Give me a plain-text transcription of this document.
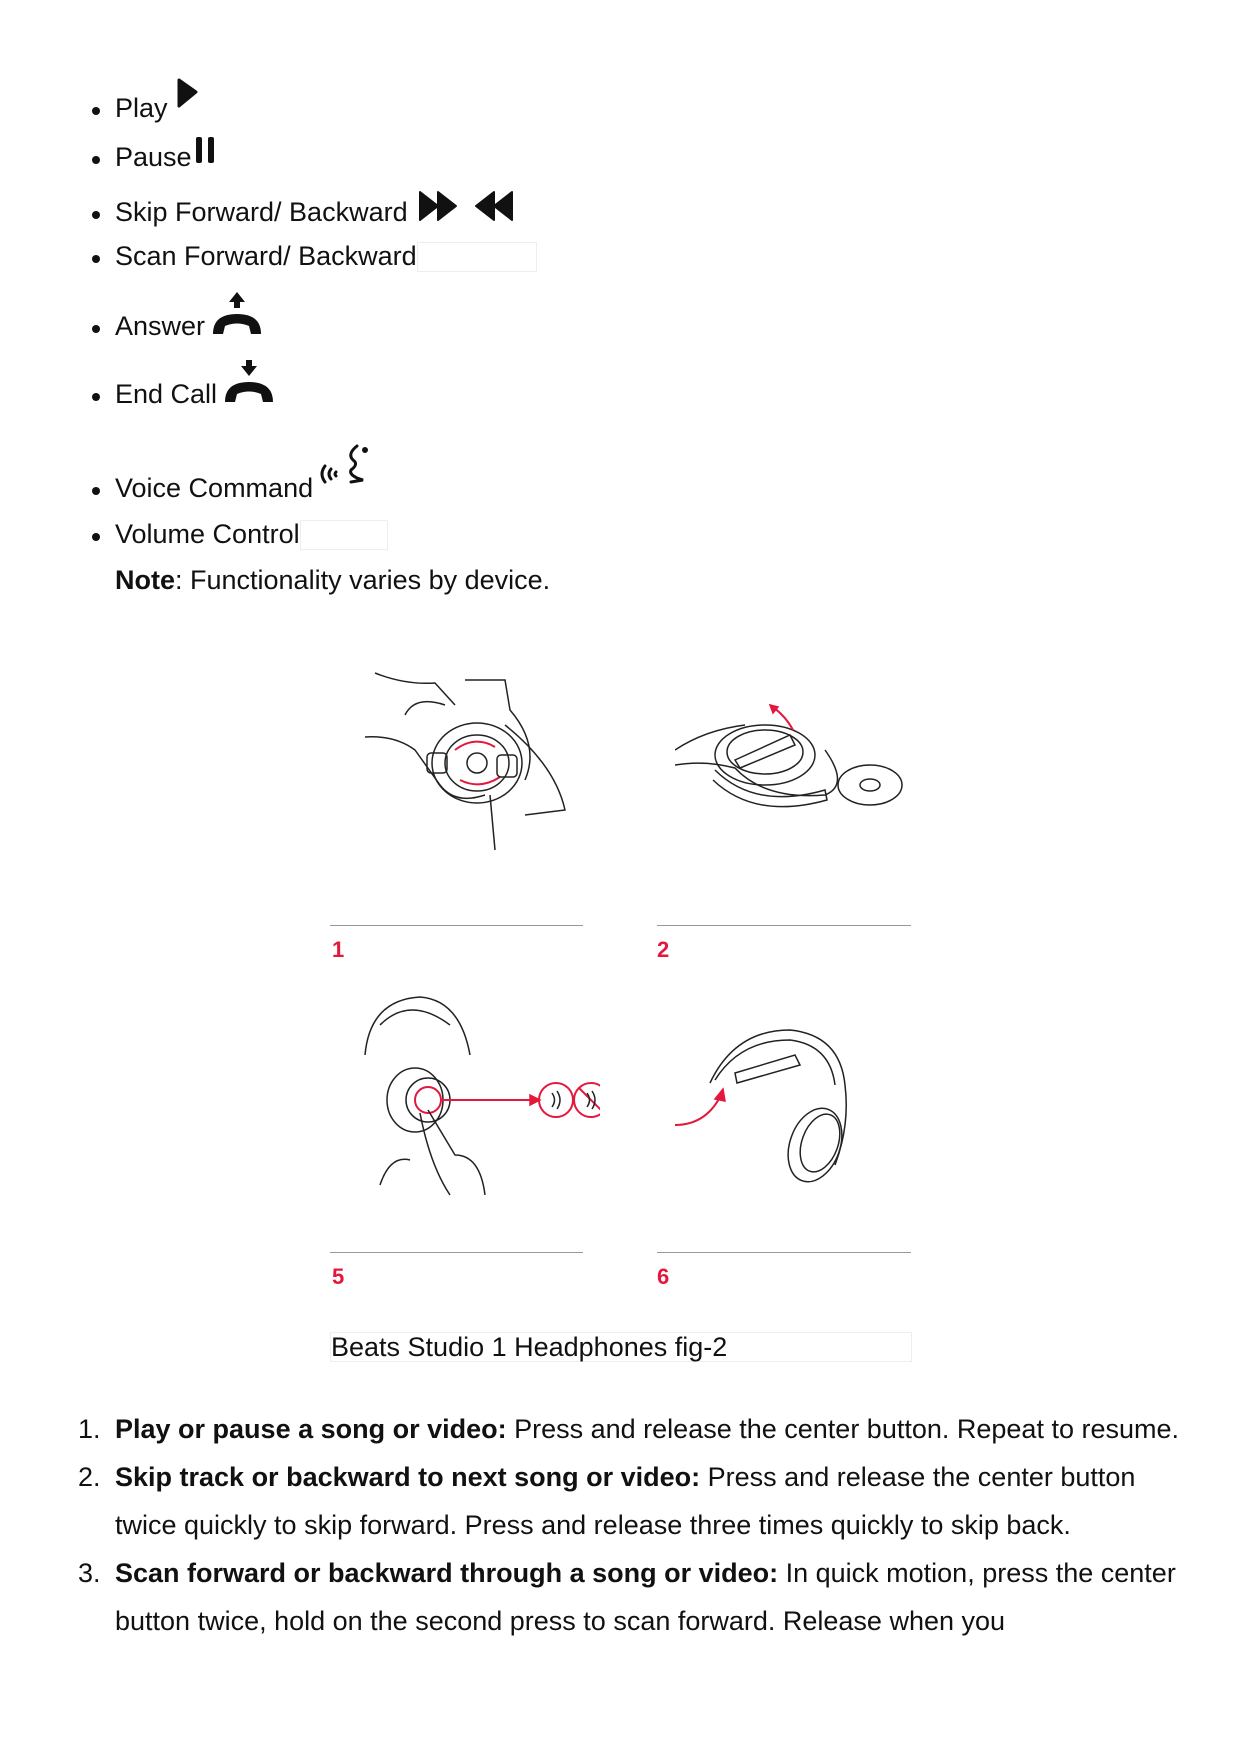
Play
Pause
Skip Forward/ Backward
Scan Forward/ Backward
Answer
End Call
Voice Command
Volume Control
Note: Functionality varies by device.
1	2
5	6
Beats Studio 1 Headphones fig-2
1. Play or pause a song or video: Press and release the center button. Repeat to resume.
2. Skip track or backward to next song or video: Press and release the center button twice quickly to skip forward. Press and release three times quickly to skip back.
3. Scan forward or backward through a song or video: In quick motion, press the center button twice, hold on the second press to scan forward. Release when you
